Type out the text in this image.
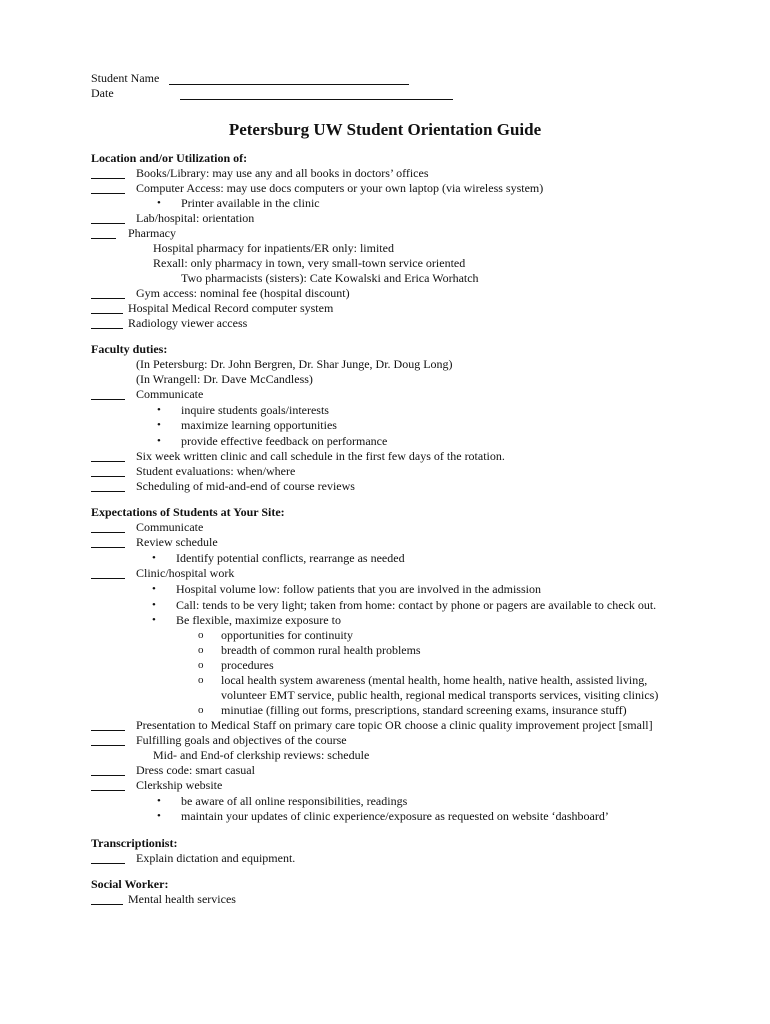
Student Name
Date
Petersburg UW Student Orientation Guide
Location and/or Utilization of:
Books/Library: may use any and all books in doctors’ offices
Computer Access: may use docs computers or your own laptop (via wireless system)
• Printer available in the clinic
Lab/hospital: orientation
Pharmacy
Hospital pharmacy for inpatients/ER only: limited
Rexall: only pharmacy in town, very small-town service oriented
Two pharmacists (sisters): Cate Kowalski and Erica Worhatch
Gym access: nominal fee (hospital discount)
Hospital Medical Record computer system
Radiology viewer access
Faculty duties:
(In Petersburg: Dr. John Bergren, Dr. Shar Junge, Dr. Doug Long)
(In Wrangell: Dr. Dave McCandless)
Communicate
• inquire students goals/interests
• maximize learning opportunities
• provide effective feedback on performance
Six week written clinic and call schedule in the first few days of the rotation.
Student evaluations: when/where
Scheduling of mid-and-end of course reviews
Expectations of Students at Your Site:
Communicate
Review schedule
• Identify potential conflicts, rearrange as needed
Clinic/hospital work
• Hospital volume low: follow patients that you are involved in the admission
• Call: tends to be very light; taken from home: contact by phone or pagers are available to check out.
• Be flexible, maximize exposure to
o opportunities for continuity
o breadth of common rural health problems
o procedures
o local health system awareness (mental health, home health, native health, assisted living,
volunteer EMT service, public health, regional medical transports services, visiting clinics)
o minutiae (filling out forms, prescriptions, standard screening exams, insurance stuff)
Presentation to Medical Staff on primary care topic OR choose a clinic quality improvement project [small]
Fulfilling goals and objectives of the course
Mid- and End-of clerkship reviews: schedule
Dress code: smart casual
Clerkship website
• be aware of all online responsibilities, readings
• maintain your updates of clinic experience/exposure as requested on website ‘dashboard’
Transcriptionist:
Explain dictation and equipment.
Social Worker:
Mental health services
